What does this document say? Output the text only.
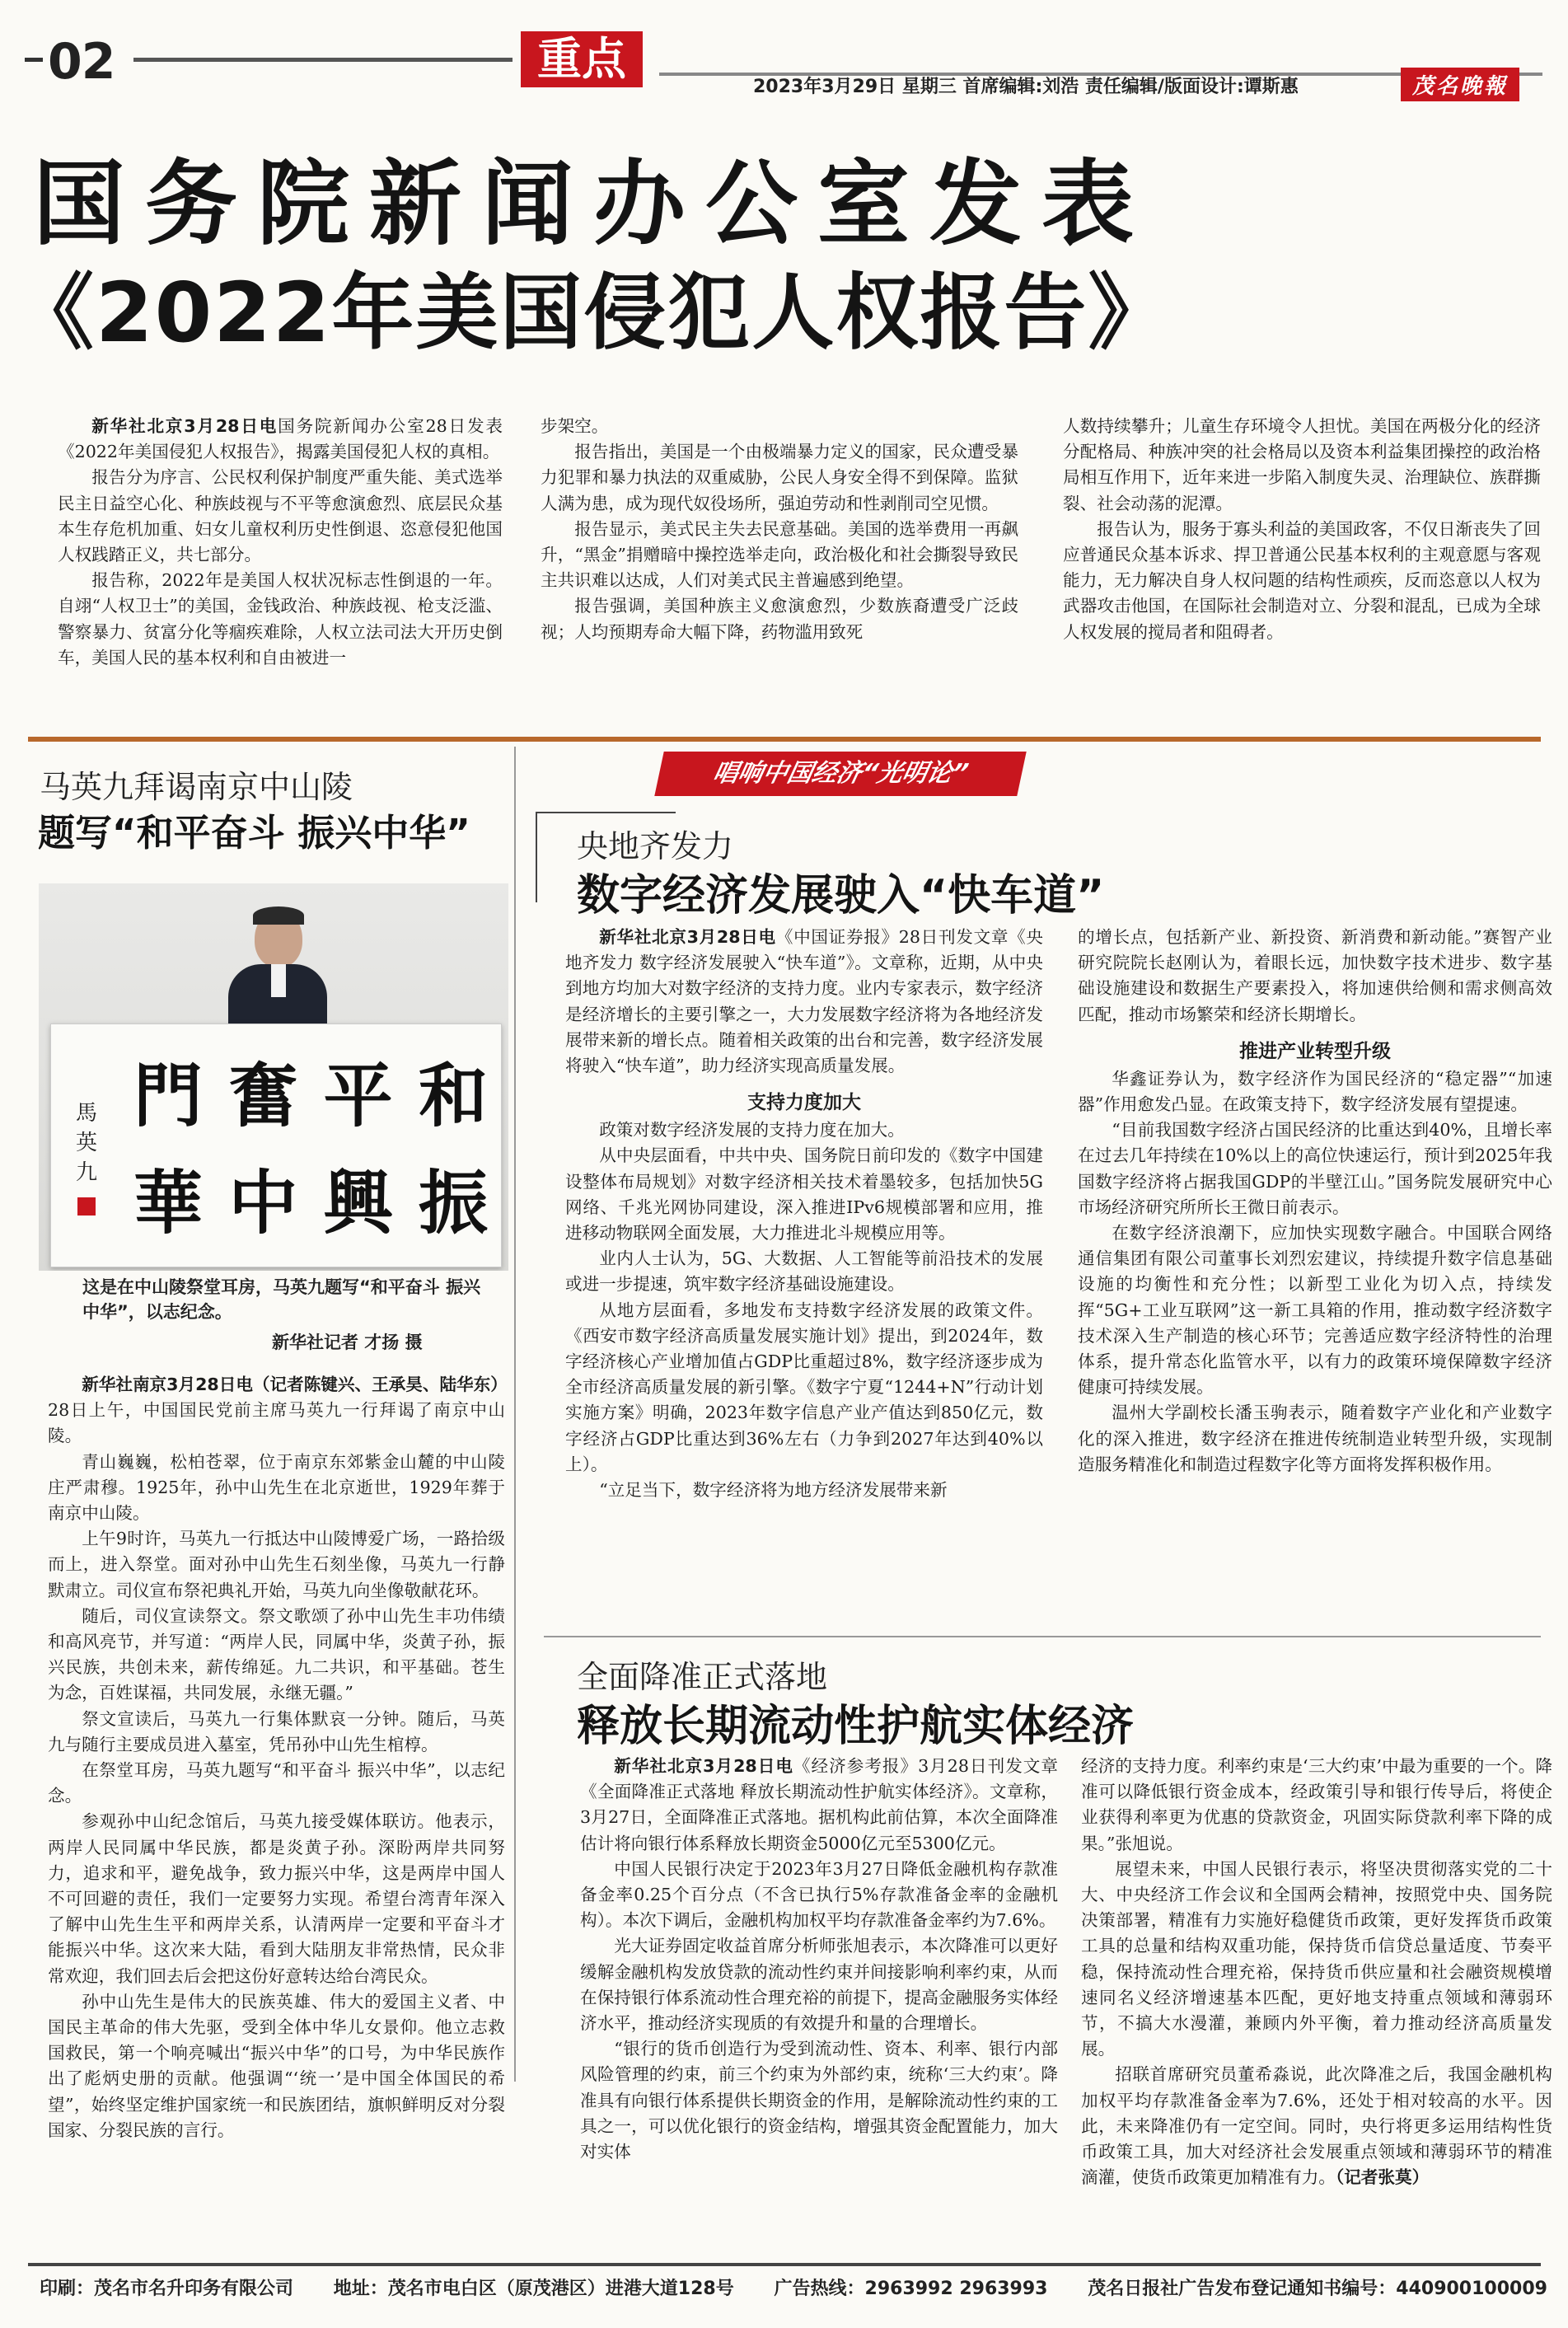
02	重点
2023年3月29日 星期三 首席编辑:刘浩 责任编辑/版面设计:谭斯惠	茂名晚報
国务院新闻办公室发表
《2022年美国侵犯人权报告》

新华社北京3月28日电国务院新闻办公室28日发表《2022年美国侵犯人权报告》，揭露美国侵犯人权的真相。

报告分为序言、公民权利保护制度严重失能、美式选举民主日益空心化、种族歧视与不平等愈演愈烈、底层民众基本生存危机加重、妇女儿童权利历史性倒退、恣意侵犯他国人权践踏正义，共七部分。

报告称，2022年是美国人权状况标志性倒退的一年。自翊“人权卫士”的美国，金钱政治、种族歧视、枪支泛滥、警察暴力、贫富分化等痼疾难除，人权立法司法大开历史倒车，美国人民的基本权利和自由被进一

步架空。

报告指出，美国是一个由极端暴力定义的国家，民众遭受暴力犯罪和暴力执法的双重威胁，公民人身安全得不到保障。监狱人满为患，成为现代奴役场所，强迫劳动和性剥削司空见惯。

报告显示，美式民主失去民意基础。美国的选举费用一再飙升，“黑金”捐赠暗中操控选举走向，政治极化和社会撕裂导致民主共识难以达成，人们对美式民主普遍感到绝望。

报告强调，美国种族主义愈演愈烈，少数族裔遭受广泛歧视；人均预期寿命大幅下降，药物滥用致死

人数持续攀升；儿童生存环境令人担忧。美国在两极分化的经济分配格局、种族冲突的社会格局以及资本利益集团操控的政治格局相互作用下，近年来进一步陷入制度失灵、治理缺位、族群撕裂、社会动荡的泥潭。

报告认为，服务于寡头利益的美国政客，不仅日渐丧失了回应普通民众基本诉求、捍卫普通公民基本权利的主观意愿与客观能力，无力解决自身人权问题的结构性顽疾，反而恣意以人权为武器攻击他国，在国际社会制造对立、分裂和混乱，已成为全球人权发展的搅局者和阻碍者。

马英九拜谒南京中山陵
题写“和平奋斗 振兴中华”
門 奮 平 和
華 中 興 振
馬英九
这是在中山陵祭堂耳房，马英九题写“和平奋斗 振兴中华”，以志纪念。
新华社记者 才扬 摄

新华社南京3月28日电（记者陈键兴、王承昊、陆华东）28日上午，中国国民党前主席马英九一行拜谒了南京中山陵。

青山巍巍，松柏苍翠，位于南京东郊紫金山麓的中山陵庄严肃穆。1925年，孙中山先生在北京逝世，1929年葬于南京中山陵。

上午9时许，马英九一行抵达中山陵博爱广场，一路拾级而上，进入祭堂。面对孙中山先生石刻坐像，马英九一行静默肃立。司仪宣布祭祀典礼开始，马英九向坐像敬献花环。

随后，司仪宣读祭文。祭文歌颂了孙中山先生丰功伟绩和高风亮节，并写道：“两岸人民，同属中华，炎黄子孙，振兴民族，共创未来，薪传绵延。九二共识，和平基础。苍生为念，百姓谋福，共同发展，永继无疆。”

祭文宣读后，马英九一行集体默哀一分钟。随后，马英九与随行主要成员进入墓室，凭吊孙中山先生棺椁。

在祭堂耳房，马英九题写“和平奋斗 振兴中华”，以志纪念。

参观孙中山纪念馆后，马英九接受媒体联访。他表示，两岸人民同属中华民族，都是炎黄子孙。深盼两岸共同努力，追求和平，避免战争，致力振兴中华，这是两岸中国人不可回避的责任，我们一定要努力实现。希望台湾青年深入了解中山先生生平和两岸关系，认清两岸一定要和平奋斗才能振兴中华。这次来大陆，看到大陆朋友非常热情，民众非常欢迎，我们回去后会把这份好意转达给台湾民众。

孙中山先生是伟大的民族英雄、伟大的爱国主义者、中国民主革命的伟大先驱，受到全体中华儿女景仰。他立志救国救民，第一个响亮喊出“振兴中华”的口号，为中华民族作出了彪炳史册的贡献。他强调“‘统一’是中国全体国民的希望”，始终坚定维护国家统一和民族团结，旗帜鲜明反对分裂国家、分裂民族的言行。

唱响中国经济“光明论”
央地齐发力
数字经济发展驶入“快车道”

新华社北京3月28日电《中国证券报》28日刊发文章《央地齐发力 数字经济发展驶入“快车道”》。文章称，近期，从中央到地方均加大对数字经济的支持力度。业内专家表示，数字经济是经济增长的主要引擎之一，大力发展数字经济将为各地经济发展带来新的增长点。随着相关政策的出台和完善，数字经济发展将驶入“快车道”，助力经济实现高质量发展。

支持力度加大

政策对数字经济发展的支持力度在加大。

从中央层面看，中共中央、国务院日前印发的《数字中国建设整体布局规划》对数字经济相关技术着墨较多，包括加快5G网络、千兆光网协同建设，深入推进IPv6规模部署和应用，推进移动物联网全面发展，大力推进北斗规模应用等。

业内人士认为，5G、大数据、人工智能等前沿技术的发展或进一步提速，筑牢数字经济基础设施建设。

从地方层面看，多地发布支持数字经济发展的政策文件。《西安市数字经济高质量发展实施计划》提出，到2024年，数字经济核心产业增加值占GDP比重超过8%，数字经济逐步成为全市经济高质量发展的新引擎。《数字宁夏“1244+N”行动计划实施方案》明确，2023年数字信息产业产值达到850亿元，数字经济占GDP比重达到36%左右（力争到2027年达到40%以上）。

“立足当下，数字经济将为地方经济发展带来新

的增长点，包括新产业、新投资、新消费和新动能。”赛智产业研究院院长赵刚认为，着眼长远，加快数字技术进步、数字基础设施建设和数据生产要素投入，将加速供给侧和需求侧高效匹配，推动市场繁荣和经济长期增长。

推进产业转型升级

华鑫证券认为，数字经济作为国民经济的“稳定器”“加速器”作用愈发凸显。在政策支持下，数字经济发展有望提速。

“目前我国数字经济占国民经济的比重达到40%，且增长率在过去几年持续在10%以上的高位快速运行，预计到2025年我国数字经济将占据我国GDP的半壁江山。”国务院发展研究中心市场经济研究所所长王微日前表示。

在数字经济浪潮下，应加快实现数字融合。中国联合网络通信集团有限公司董事长刘烈宏建议，持续提升数字信息基础设施的均衡性和充分性；以新型工业化为切入点，持续发挥“5G+工业互联网”这一新工具箱的作用，推动数字经济数字技术深入生产制造的核心环节；完善适应数字经济特性的治理体系，提升常态化监管水平，以有力的政策环境保障数字经济健康可持续发展。

温州大学副校长潘玉驹表示，随着数字产业化和产业数字化的深入推进，数字经济在推进传统制造业转型升级，实现制造服务精准化和制造过程数字化等方面将发挥积极作用。

全面降准正式落地
释放长期流动性护航实体经济

新华社北京3月28日电《经济参考报》3月28日刊发文章《全面降准正式落地 释放长期流动性护航实体经济》。文章称，3月27日，全面降准正式落地。据机构此前估算，本次全面降准估计将向银行体系释放长期资金5000亿元至5300亿元。

中国人民银行决定于2023年3月27日降低金融机构存款准备金率0.25个百分点（不含已执行5%存款准备金率的金融机构）。本次下调后，金融机构加权平均存款准备金率约为7.6%。

光大证券固定收益首席分析师张旭表示，本次降准可以更好缓解金融机构发放贷款的流动性约束并间接影响利率约束，从而在保持银行体系流动性合理充裕的前提下，提高金融服务实体经济水平，推动经济实现质的有效提升和量的合理增长。

“银行的货币创造行为受到流动性、资本、利率、银行内部风险管理的约束，前三个约束为外部约束，统称‘三大约束’。降准具有向银行体系提供长期资金的作用，是解除流动性约束的工具之一，可以优化银行的资金结构，增强其资金配置能力，加大对实体

经济的支持力度。利率约束是‘三大约束’中最为重要的一个。降准可以降低银行资金成本，经政策引导和银行传导后，将使企业获得利率更为优惠的贷款资金，巩固实际贷款利率下降的成果。”张旭说。

展望未来，中国人民银行表示，将坚决贯彻落实党的二十大、中央经济工作会议和全国两会精神，按照党中央、国务院决策部署，精准有力实施好稳健货币政策，更好发挥货币政策工具的总量和结构双重功能，保持货币信贷总量适度、节奏平稳，保持流动性合理充裕，保持货币供应量和社会融资规模增速同名义经济增速基本匹配，更好地支持重点领域和薄弱环节，不搞大水漫灌，兼顾内外平衡，着力推动经济高质量发展。

招联首席研究员董希淼说，此次降准之后，我国金融机构加权平均存款准备金率为7.6%，还处于相对较高的水平。因此，未来降准仍有一定空间。同时，央行将更多运用结构性货币政策工具，加大对经济社会发展重点领域和薄弱环节的精准滴灌，使货币政策更加精准有力。（记者张莫）

印刷：茂名市名升印务有限公司 地址：茂名市电白区（原茂港区）进港大道128号 广告热线：2963992 2963993 茂名日报社广告发布登记通知书编号：440900100009
